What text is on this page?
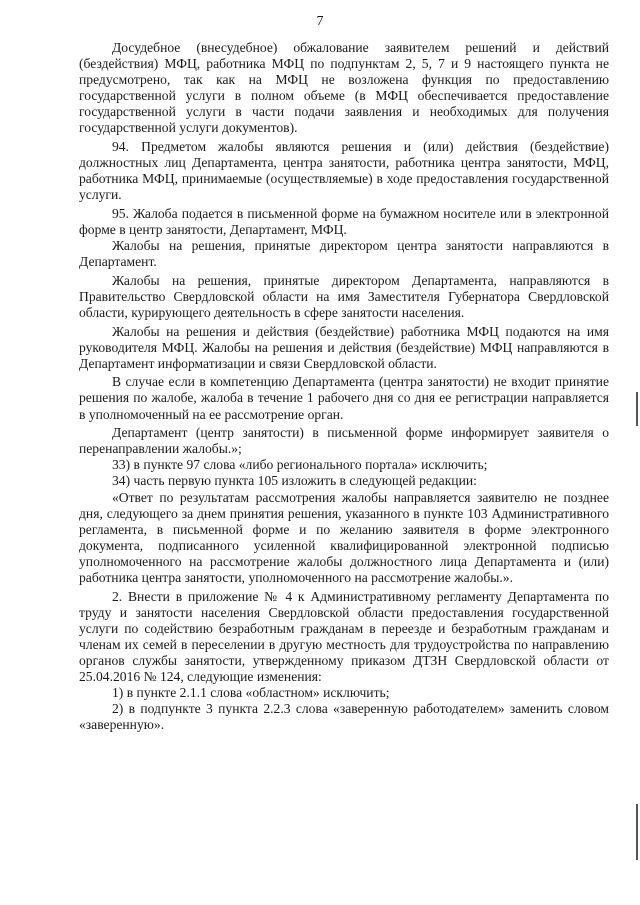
7

Досудебное (внесудебное) обжалование заявителем решений и действий (бездействия) МФЦ, работника МФЦ по подпунктам 2, 5, 7 и 9 настоящего пункта не предусмотрено, так как на МФЦ не возложена функция по предоставлению государственной услуги в полном объеме (в МФЦ обеспечивается предоставление государственной услуги в части подачи заявления и необходимых для получения государственной услуги документов).

94. Предметом жалобы являются решения и (или) действия (бездействие) должностных лиц Департамента, центра занятости, работника центра занятости, МФЦ, работника МФЦ, принимаемые (осуществляемые) в ходе предоставления государственной услуги.

95. Жалоба подается в письменной форме на бумажном носителе или в электронной форме в центр занятости, Департамент, МФЦ.

Жалобы на решения, принятые директором центра занятости направляются в Департамент.

Жалобы на решения, принятые директором Департамента, направляются в Правительство Свердловской области на имя Заместителя Губернатора Свердловской области, курирующего деятельность в сфере занятости населения.

Жалобы на решения и действия (бездействие) работника МФЦ подаются на имя руководителя МФЦ. Жалобы на решения и действия (бездействие) МФЦ направляются в Департамент информатизации и связи Свердловской области.

В случае если в компетенцию Департамента (центра занятости) не входит принятие решения по жалобе, жалоба в течение 1 рабочего дня со дня ее регистрации направляется в уполномоченный на ее рассмотрение орган.

Департамент (центр занятости) в письменной форме информирует заявителя о перенаправлении жалобы.»;

33) в пункте 97 слова «либо регионального портала» исключить;

34) часть первую пункта 105 изложить в следующей редакции:

«Ответ по результатам рассмотрения жалобы направляется заявителю не позднее дня, следующего за днем принятия решения, указанного в пункте 103 Административного регламента, в письменной форме и по желанию заявителя в форме электронного документа, подписанного усиленной квалифицированной электронной подписью уполномоченного на рассмотрение жалобы должностного лица Департамента и (или) работника центра занятости, уполномоченного на рассмотрение жалобы.».

2. Внести в приложение № 4 к Административному регламенту Департамента по труду и занятости населения Свердловской области предоставления государственной услуги по содействию безработным гражданам в переезде и безработным гражданам и членам их семей в переселении в другую местность для трудоустройства по направлению органов службы занятости, утвержденному приказом ДТЗН Свердловской области от 25.04.2016 № 124, следующие изменения:

1) в пункте 2.1.1 слова «областном» исключить;

2) в подпункте 3 пункта 2.2.3 слова «заверенную работодателем» заменить словом «заверенную».
